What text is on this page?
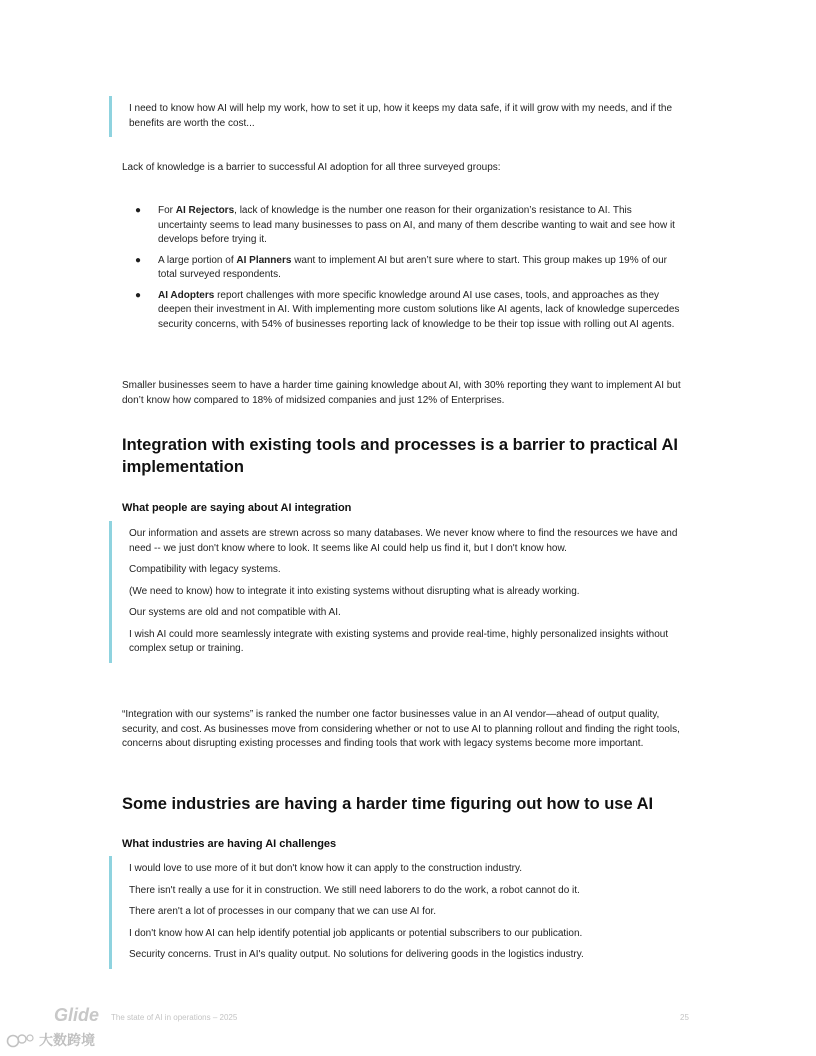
I need to know how AI will help my work, how to set it up, how it keeps my data safe, if it will grow with my needs, and if the benefits are worth the cost...

Lack of knowledge is a barrier to successful AI adoption for all three surveyed groups:

● For AI Rejectors, lack of knowledge is the number one reason for their organization’s resistance to AI. This uncertainty seems to lead many businesses to pass on AI, and many of them describe wanting to wait and see how it develops before trying it.
● A large portion of AI Planners want to implement AI but aren’t sure where to start. This group makes up 19% of our total surveyed respondents.
● AI Adopters report challenges with more specific knowledge around AI use cases, tools, and approaches as they deepen their investment in AI. With implementing more custom solutions like AI agents, lack of knowledge supercedes security concerns, with 54% of businesses reporting lack of knowledge to be their top issue with rolling out AI agents.

Smaller businesses seem to have a harder time gaining knowledge about AI, with 30% reporting they want to implement AI but don’t know how compared to 18% of midsized companies and just 12% of Enterprises.

Integration with existing tools and processes is a barrier to practical AI implementation
What people are saying about AI integration

Our information and assets are strewn across so many databases. We never know where to find the resources we have and need -- we just don't know where to look. It seems like AI could help us find it, but I don't know how.

Compatibility with legacy systems.

(We need to know) how to integrate it into existing systems without disrupting what is already working.

Our systems are old and not compatible with AI.

I wish AI could more seamlessly integrate with existing systems and provide real-time, highly personalized insights without complex setup or training.

“Integration with our systems” is ranked the number one factor businesses value in an AI vendor—ahead of output quality, security, and cost. As businesses move from considering whether or not to use AI to planning rollout and finding the right tools, concerns about disrupting existing processes and finding tools that work with legacy systems become more important.

Some industries are having a harder time figuring out how to use AI
What industries are having AI challenges

I would love to use more of it but don't know how it can apply to the construction industry.

There isn't really a use for it in construction. We still need laborers to do the work, a robot cannot do it.

There aren't a lot of processes in our company that we can use AI for.

I don't know how AI can help identify potential job applicants or potential subscribers to our publication.

Security concerns. Trust in AI's quality output. No solutions for delivering goods in the logistics industry.

Glide The state of AI in operations – 2025	25
大数跨境
